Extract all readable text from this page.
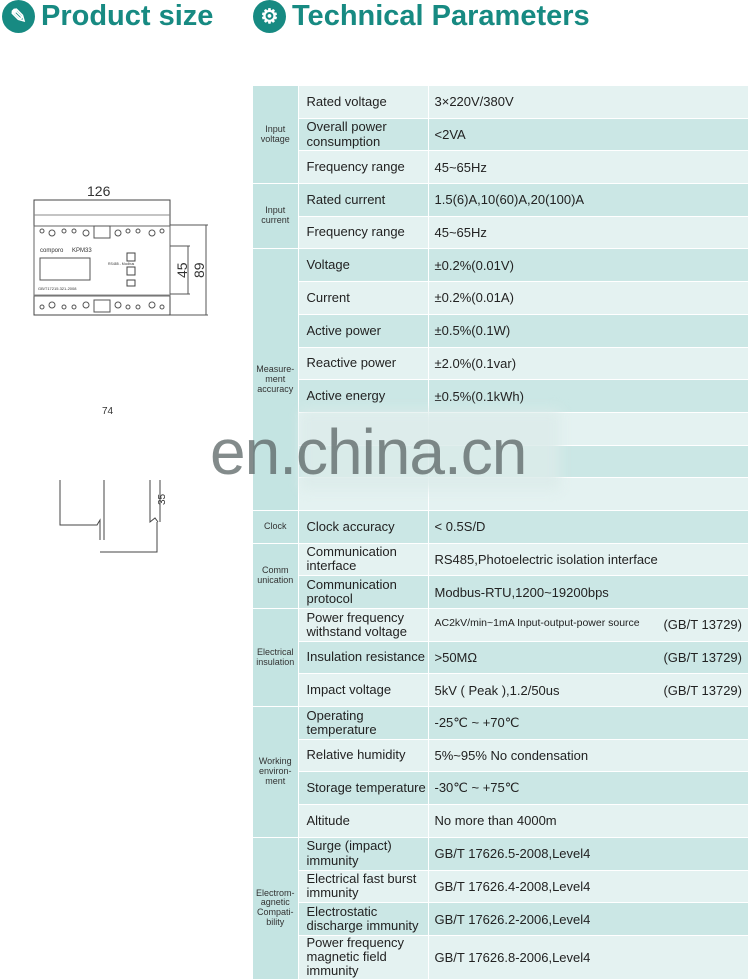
✎ Product size	⚙ Technical Parameters
126
comporo KPM33
RS485 - Modbus
GB/T17215.321-2008
45 89
74
35
Input voltage	Rated voltage	3×220V/380V
	Overall power consumption	<2VA
	Frequency range	45~65Hz
Input current	Rated current	1.5(6)A,10(60)A,20(100)A
	Frequency range	45~65Hz
Measure-ment accuracy	Voltage	±0.2%(0.01V)
	Current	±0.2%(0.01A)
	Active power	±0.5%(0.1W)
	Reactive power	±2.0%(0.1var)
	Active energy	±0.5%(0.1kWh)

Clock	Clock accuracy	< 0.5S/D
Comm unication	Communication interface	RS485,Photoelectric isolation interface
	Communication protocol	Modbus-RTU,1200~19200bps
Electrical insulation	Power frequency withstand voltage	AC2kV/min~1mA Input-output-power source (GB/T 13729)

	Insulation resistance	>50MΩ (GB/T 13729)

	Impact voltage	5kV ( Peak ),1.2/50us (GB/T 13729)

Working environ-ment	Operating temperature	-25℃ ~ +70℃
	Relative humidity	5%~95% No condensation
	Storage temperature	-30℃ ~ +75℃
	Altitude	No more than 4000m
Electrom-agnetic Compati-bility	Surge (impact) immunity	GB/T 17626.5-2008,Level4
	Electrical fast burst immunity	GB/T 17626.4-2008,Level4
	Electrostatic discharge immunity	GB/T 17626.2-2006,Level4
	Power frequency magnetic field immunity	GB/T 17626.8-2006,Level4
en.china.cn
